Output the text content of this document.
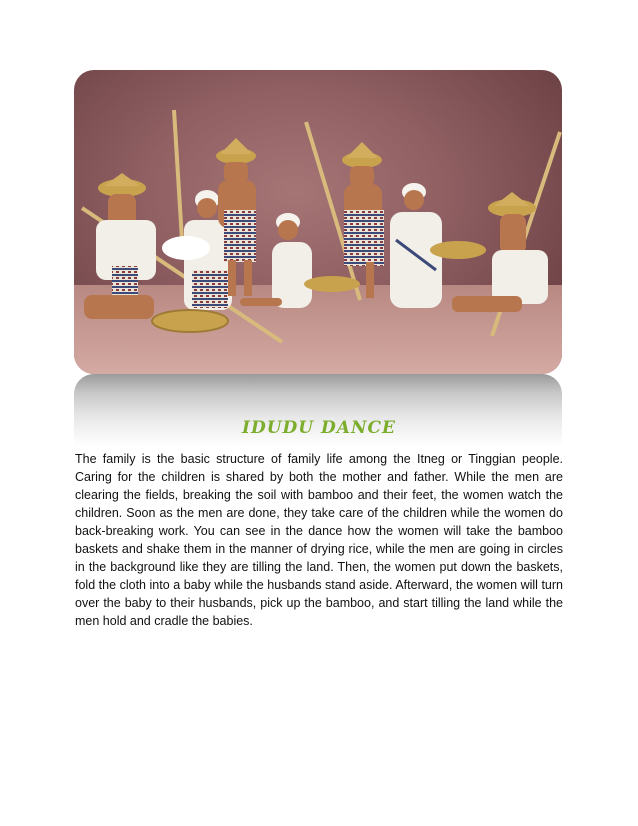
IDUDU DANCE

The family is the basic structure of family life among the Itneg or Tinggian people. Caring for the children is shared by both the mother and father. While the men are clearing the fields, breaking the soil with bamboo and their feet, the women watch the children. Soon as the men are done, they take care of the children while the women do back-breaking work. You can see in the dance how the women will take the bamboo baskets and shake them in the manner of drying rice, while the men are going in circles in the background like they are tilling the land. Then, the women put down the baskets, fold the cloth into a baby while the husbands stand aside. Afterward, the women will turn over the baby to their husbands, pick up the bamboo, and start tilling the land while the men hold and cradle the babies.
